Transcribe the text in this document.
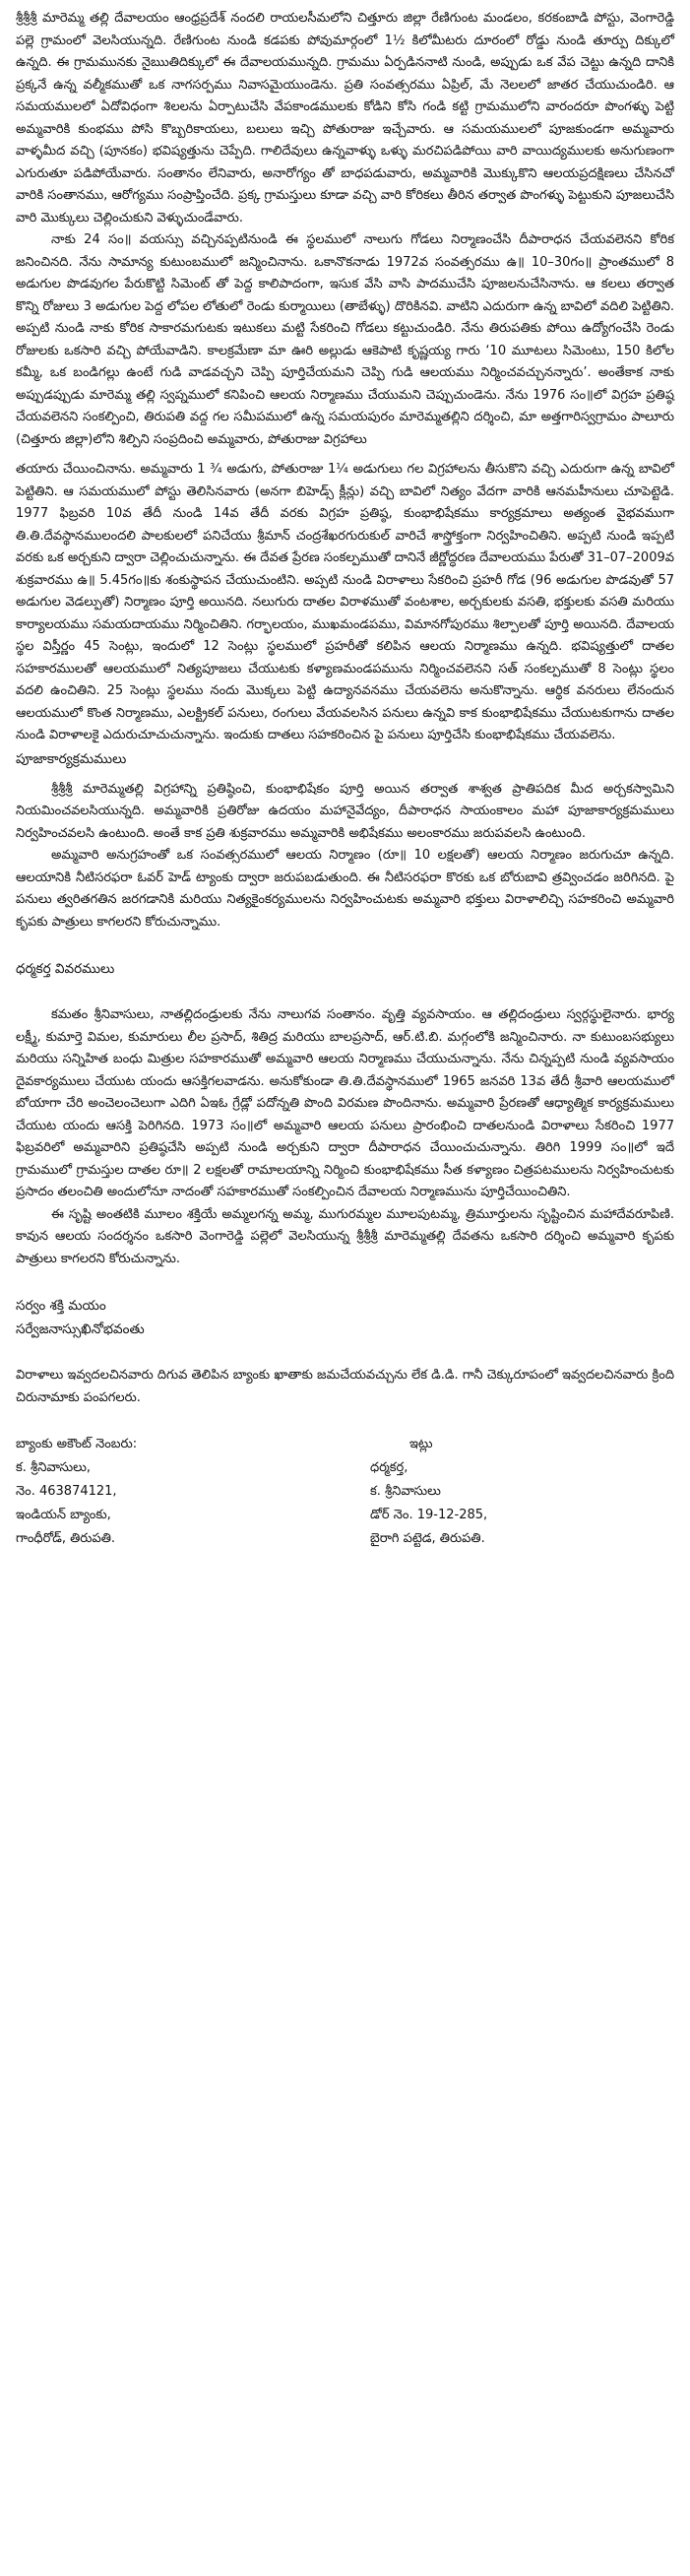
శ్రీశ్రీశ్రీ మారెమ్మ తల్లి దేవాలయం ఆంధ్రప్రదేశ్ నందలి రాయలసీమలోని చిత్తూరు జిల్లా రేణిగుంట మండలం, కరకంబాడి పోస్టు, వెంగారెడ్డి పల్లె గ్రామంలో వెలసియున్నది. రేణిగుంట నుండి కడపకు పోవుమార్గంలో 1½ కిలోమీటరు దూరంలో రోడ్డు నుండి తూర్పు దిక్కులో ఉన్నది. ఈ గ్రామమునకు నైఋతిదిక్కులో ఈ దేవాలయమున్నది. గ్రామము ఏర్పడిననాటి నుండి, అప్పుడు ఒక వేప చెట్టు ఉన్నది దానికి ప్రక్కనే ఉన్న వల్మీకముతో ఒక నాగసర్పము నివాసమైయుండెను. ప్రతి సంవత్సరము ఏప్రిల్, మే నెలలలో జాతర చేయుచుండిరి. ఆ సమయములలో ఏదోవిధంగా శిలలను ఏర్పాటుచేసి వేపకాండములకు కోడిని కోసి గండి కట్టి గ్రామములోని వారందరూ పొంగళ్ళు పెట్టి అమ్మవారికి కుంభము పోసి కొబ్బరికాయలు, బలులు ఇచ్చి పోతురాజు ఇచ్చేవారు. ఆ సమయములలో పూజకుండగా అమ్మవారు వాళ్ళమీద వచ్చి (పూనకం) భవిష్యత్తును చెప్పేది. గాలిదేవులు ఉన్నవాళ్ళు ఒళ్ళు మరచిపడిపోయి వారి వాయిద్యములకు అనుగుణంగా ఎగురుతూ పడిపోయేవారు. సంతానం లేనివారు, అనారోగ్యం తో బాధపడువారు, అమ్మవారికి మొక్కుకొని ఆలయప్రదక్షిణలు చేసినచో వారికి సంతానము, ఆరోగ్యము సంప్రాప్తించేది. ప్రక్క గ్రామస్తులు కూడా వచ్చి వారి కోరికలు తీరిన తర్వాత పొంగళ్ళు పెట్టుకుని పూజలుచేసి వారి మొక్కులు చెల్లించుకుని వెళ్ళుచుండేవారు.

నాకు 24 సం॥ వయస్సు వచ్చినప్పటినుండి ఈ స్థలములో నాలుగు గోడలు నిర్మాణంచేసి దీపారాధన చేయవలెనని కోరిక జనించినది. నేను సామాన్య కుటుంబములో జన్మించినాను. ఒకానొకనాడు 1972వ సంవత్సరము ఉ॥ 10–30గం॥ ప్రాంతములో 8 అడుగుల పొడవుగల పేరుకొట్టి సిమెంట్ తో పెద్ద కాలిపాదంగా, ఇసుక వేసి వాసి పాదముచేసి పూజలనుచేసినాను. ఆ కలలు తర్వాత కొన్ని రోజులు 3 అడుగుల పెద్ద లోపల లోతులో రెండు కుర్మాయిలు (తాబేళ్ళు) దొరికినవి. వాటిని ఎదురుగా ఉన్న బావిలో వదిలి పెట్టితిని. అప్పటి నుండి నాకు కోరిక సాకారమగుటకు ఇటుకలు మట్టి సేకరించి గోడలు కట్టుచుండిరి. నేను తిరుపతికు పోయి ఉద్యోగంచేసి రెండు రోజులకు ఒకసారి వచ్చి పోయేవాడిని. కాలక్రమేణా మా ఊరి అల్లుడు ఆకెపాటి కృష్ణయ్య గారు ‘10 మూటలు సిమెంటు, 150 కిలోల కమ్మీ, ఒక బండిగల్లు ఉంటే గుడి వాడవచ్చని చెప్పి పూర్తిచేయమని చెప్పి గుడి ఆలయము నిర్మించవచ్చునన్నారు’. అంతేకాక నాకు అప్పుడప్పుడు మారెమ్మ తల్లి స్వప్నములో కనిపించి ఆలయ నిర్మాణము చేయుమని చెప్పుచుండెను. నేను 1976 సం॥లో విగ్రహ ప్రతిష్ఠ చేయవలెనని సంకల్పించి, తిరుపతి వద్ద గల సమీపములో ఉన్న సమయపురం మారెమ్మతల్లిని దర్శించి, మా అత్తగారిస్వగ్రామం పాలూరు (చిత్తూరు జిల్లా)లోని శిల్పిని సంప్రదించి అమ్మవారు, పోతురాజు విగ్రహాలు

తయారు చేయించినాను. అమ్మవారు 1 ¾ అడుగు, పోతురాజు 1¼ అడుగులు గల విగ్రహాలను తీసుకొని వచ్చి ఎదురుగా ఉన్న బావిలో పెట్టితిని. ఆ సమయములో పోస్టు తెలిసినవారు (అనగా బిహెడ్స్ క్లీన్లు) వచ్చి బావిలో నిత్యం వేదగా వారికి ఆనమహీనులు చూపెట్టెడి. 1977 ఫిబ్రవరి 10వ తేదీ నుండి 14వ తేదీ వరకు విగ్రహ ప్రతిష్ఠ, కుంభాభిషేకము కార్యక్రమాలు అత్యంత వైభవముగా తి.తి.దేవస్థానములందలి పాలకులలో పనిచేయు శ్రీమాన్ చంద్రశేఖరగురుకుల్ వారిచే శాస్త్రోక్తంగా నిర్వహించితిని. అప్పటి నుండి ఇప్పటి వరకు ఒక అర్చకుని ద్వారా చెల్లించుచున్నాను. ఈ దేవత ప్రేరణ సంకల్పముతో దానినే జీర్ణోద్ధరణ దేవాలయము పేరుతో 31–07–2009వ శుక్రవారము ఉ॥ 5.45గం॥కు శంకుస్థాపన చేయుచుంటిని. అప్పటి నుండి విరాళాలు సేకరించి ప్రహరీ గోడ (96 అడుగుల పొడవుతో 57 అడుగుల వెడల్పుతో) నిర్మాణం పూర్తి అయినది. నలుగురు దాతల విరాళముతో వంటశాల, అర్చకులకు వసతి, భక్తులకు వసతి మరియు కార్యాలయము సమయదాయము నిర్మించితిని. గర్భాలయం, ముఖమండపము, విమానగోపురము శిల్పాలతో పూర్తి అయినది. దేవాలయ స్థల విస్తీర్ణం 45 సెంట్లు, ఇందులో 12 సెంట్లు స్థలములో ప్రహరీతో కలిపిన ఆలయ నిర్మాణము ఉన్నది. భవిష్యత్తులో దాతల సహకారములతో ఆలయములో నిత్యపూజలు చేయుటకు కళ్యాణమండపమును నిర్మించవలెనని సత్ సంకల్పముతో 8 సెంట్లు స్థలం వదలి ఉంచితిని. 25 సెంట్లు స్థలము నందు మొక్కలు పెట్టి ఉద్యానవనము చేయవలెను అనుకొన్నాను. ఆర్థిక వనరులు లేనందున ఆలయములో కొంత నిర్మాణము, ఎలక్ట్రికల్ పనులు, రంగులు వేయవలసిన పనులు ఉన్నవి కాక కుంభాభిషేకము చేయుటకుగాను దాతల నుండి విరాళాలకై ఎదురుచూచుచున్నాను. ఇందుకు దాతలు సహకరించిన పై పనులు పూర్తిచేసి కుంభాభిషేకము చేయవలెను.

పూజాకార్యక్రమములు

శ్రీశ్రీశ్రీ మారెమ్మతల్లి విగ్రహాన్ని ప్రతిష్ఠించి, కుంభాభిషేకం పూర్తి అయిన తర్వాత శాశ్వత ప్రాతిపదిక మీద అర్చకస్వామిని నియమించవలసియున్నది. అమ్మవారికి ప్రతిరోజు ఉదయం మహానైవేద్యం, దీపారాధన సాయంకాలం మహా పూజాకార్యక్రమములు నిర్వహించవలసి ఉంటుంది. అంతే కాక ప్రతి శుక్రవారము అమ్మవారికి అభిషేకము అలంకారము జరుపవలసి ఉంటుంది.

అమ్మవారి అనుగ్రహంతో ఒక సంవత్సరములో ఆలయ నిర్మాణం (రూ॥ 10 లక్షలతో) ఆలయ నిర్మాణం జరుగుచూ ఉన్నది. ఆలయానికి నీటిసరఫరా ఓవర్ హెడ్ ట్యాంకు ద్వారా జరుపబడుతుంది. ఈ నీటిసరఫరా కొరకు ఒక బోరుబావి త్రవ్వించడం జరిగినది. పై పనులు త్వరితగతిన జరగడానికి మరియు నిత్యకైంకర్యములను నిర్వహించుటకు అమ్మవారి భక్తులు విరాళాలిచ్చి సహకరించి అమ్మవారి కృపకు పాత్రులు కాగలరని కోరుచున్నాము.

ధర్మకర్త వివరములు

కమతం శ్రీనివాసులు, నాతల్లిదండ్రులకు నేను నాలుగవ సంతానం. వృత్తి వ్యవసాయం. ఆ తల్లిదండ్రులు స్వర్గస్థులైనారు. భార్య లక్ష్మీ, కుమార్తె విమల, కుమారులు లీల ప్రసాద్, శితిద్ర మరియు బాలప్రసాద్, ఆర్.టి.బి. మగ్గంలోకి జన్మించినారు. నా కుటుంబసభ్యులు మరియు సన్నిహిత బంధు మిత్రుల సహకారముతో అమ్మవారి ఆలయ నిర్మాణము చేయుచున్నాను. నేను చిన్నప్పటి నుండి వ్యవసాయం దైవకార్యములు చేయుట యందు ఆసక్తిగలవాడను. అనుకోకుండా తి.తి.దేవస్థానములో 1965 జనవరి 13వ తేదీ శ్రీవారి ఆలయములో బోయాగా చేరి అంచెలంచెలుగా ఎదిగి ఏఇఓ గ్రేడ్లో పదోన్నతి పొంది విరమణ పొందినాను. అమ్మవారి ప్రేరణతో ఆధ్యాత్మిక కార్యక్రమములు చేయుట యందు ఆసక్తి పెరిగినది. 1973 సం॥లో అమ్మవారి ఆలయ పనులు ప్రారంభించి దాతలనుండి విరాళాలు సేకరించి 1977 ఫిబ్రవరిలో అమ్మవారిని ప్రతిష్ఠచేసి అప్పటి నుండి అర్చకుని ద్వారా దీపారాధన చేయించుచున్నాను. తిరిగి 1999 సం॥లో ఇదే గ్రామములో గ్రామస్తుల దాతల రూ॥ 2 లక్షలతో రామాలయాన్ని నిర్మించి కుంభాభిషేకము సీత కళ్యాణం చిత్రపటములను నిర్వహించుటకు ప్రసాదం తలంచితి అందులోనూ నాదంతో సహకారముతో సంకల్పించిన దేవాలయ నిర్మాణమును పూర్తిచేయించితిని.

ఈ సృష్టి అంతటికి మూలం శక్తియే అమ్మలగన్న అమ్మ, ముగురమ్మల మూలపుటమ్మ, త్రిమూర్తులను సృష్టించిన మహాదేవరూపిణి. కావున ఆలయ సందర్శనం ఒకసారి వెంగారెడ్డి పల్లెలో వెలసియున్న శ్రీశ్రీశ్రీ మారెమ్మతల్లి దేవతను ఒకసారి దర్శించి అమ్మవారి కృపకు పాత్రులు కాగలరని కోరుచున్నాను.

సర్వం శక్తి మయం

సర్వేజనాస్సుఖినోభవంతు

విరాళాలు ఇవ్వదలచినవారు దిగువ తెలిపిన బ్యాంకు ఖాతాకు జమచేయవచ్చును లేక డి.డి. గానీ చెక్కురూపంలో ఇవ్వదలచినవారు క్రింది చిరునామాకు పంపగలరు.

బ్యాంకు అకౌంట్ నెంబరు:	ఇట్లు
క. శ్రీనివాసులు,	ధర్మకర్త,
నెం. 463874121,	క. శ్రీనివాసులు
ఇండియన్ బ్యాంకు,	డోర్ నెం. 19-12-285,
గాంధీరోడ్, తిరుపతి.	బైరాగి పట్టెడ, తిరుపతి.
